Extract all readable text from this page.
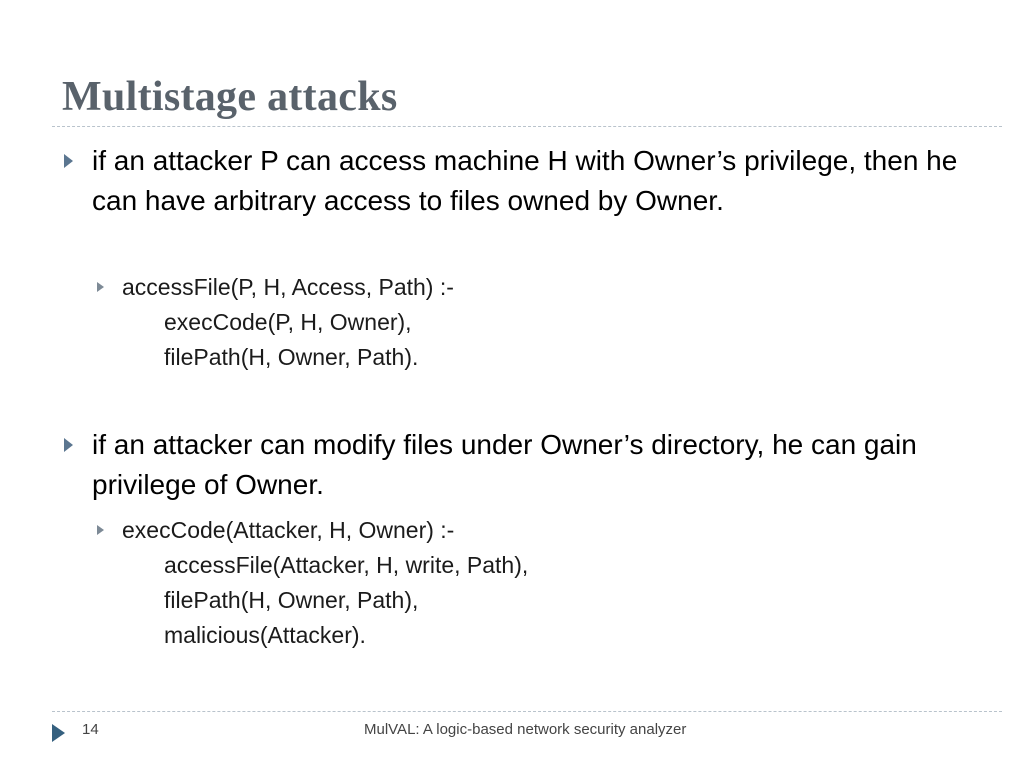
Multistage attacks
if an attacker P can access machine H with Owner’s privilege, then he can have arbitrary access to files owned by Owner.
accessFile(P, H, Access, Path) :-
execCode(P, H, Owner),
filePath(H, Owner, Path).
if an attacker can modify files under Owner’s directory, he can gain privilege of Owner.
execCode(Attacker, H, Owner) :-
accessFile(Attacker, H, write, Path),
filePath(H, Owner, Path),
malicious(Attacker).
14	MulVAL: A logic-based network security analyzer
